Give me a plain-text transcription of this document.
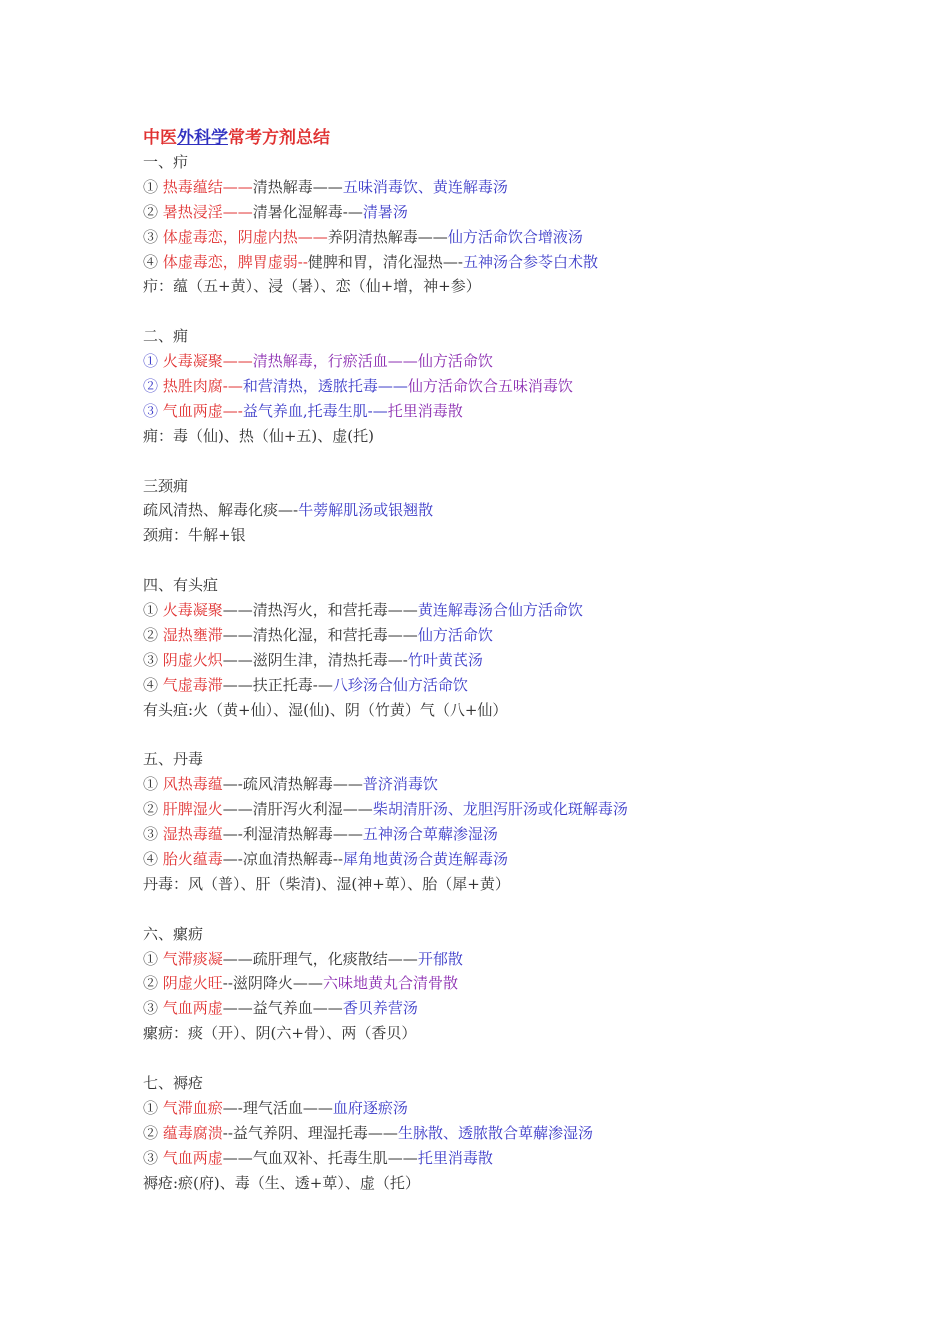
中医外科学常考方剂总结
一、疖
① 热毒蕴结——清热解毒——五味消毒饮、黄连解毒汤
② 暑热浸淫——清暑化湿解毒-—清暑汤
③ 体虚毒恋，阴虚内热——养阴清热解毒——仙方活命饮合增液汤
④ 体虚毒恋，脾胃虚弱--健脾和胃，清化湿热—-五神汤合参苓白术散
疖：蕴（五+黄）、浸（暑）、恋（仙+增，神+参）
二、痈
① 火毒凝聚——清热解毒，行瘀活血——仙方活命饮
② 热胜肉腐-—和营清热，透脓托毒——仙方活命饮合五味消毒饮
③ 气血两虚—-益气养血,托毒生肌-—托里消毒散
痈：毒（仙)、热（仙+五)、虚(托)
三颈痈
疏风清热、解毒化痰—-牛蒡解肌汤或银翘散
颈痈：牛解+银
四、有头疽
① 火毒凝聚——清热泻火，和营托毒——黄连解毒汤合仙方活命饮
② 湿热壅滞——清热化湿，和营托毒——仙方活命饮
③ 阴虚火炽——滋阴生津，清热托毒—-竹叶黄芪汤
④ 气虚毒滞——扶正托毒-—八珍汤合仙方活命饮
有头疽:火（黄+仙）、湿(仙)、阴（竹黄）气（八+仙）
五、丹毒
① 风热毒蕴—-疏风清热解毒——普济消毒饮
② 肝脾湿火——清肝泻火利湿——柴胡清肝汤、龙胆泻肝汤或化斑解毒汤
③ 湿热毒蕴—-利湿清热解毒——五神汤合萆薢渗湿汤
④ 胎火蕴毒—-凉血清热解毒--犀角地黄汤合黄连解毒汤
丹毒：风（普）、肝（柴清)、湿(神+萆）、胎（犀+黄）
六、瘰疬
① 气滞痰凝——疏肝理气，化痰散结——开郁散
② 阴虚火旺--滋阴降火——六味地黄丸合清骨散
③ 气血两虚——益气养血——香贝养营汤
瘰疬：痰（开）、阴(六+骨）、两（香贝）
七、褥疮
① 气滞血瘀—-理气活血——血府逐瘀汤
② 蕴毒腐溃--益气养阴、理湿托毒——生脉散、透脓散合萆薢渗湿汤
③ 气血两虚——气血双补、托毒生肌——托里消毒散
褥疮:瘀(府)、毒（生、透+萆）、虚（托）
